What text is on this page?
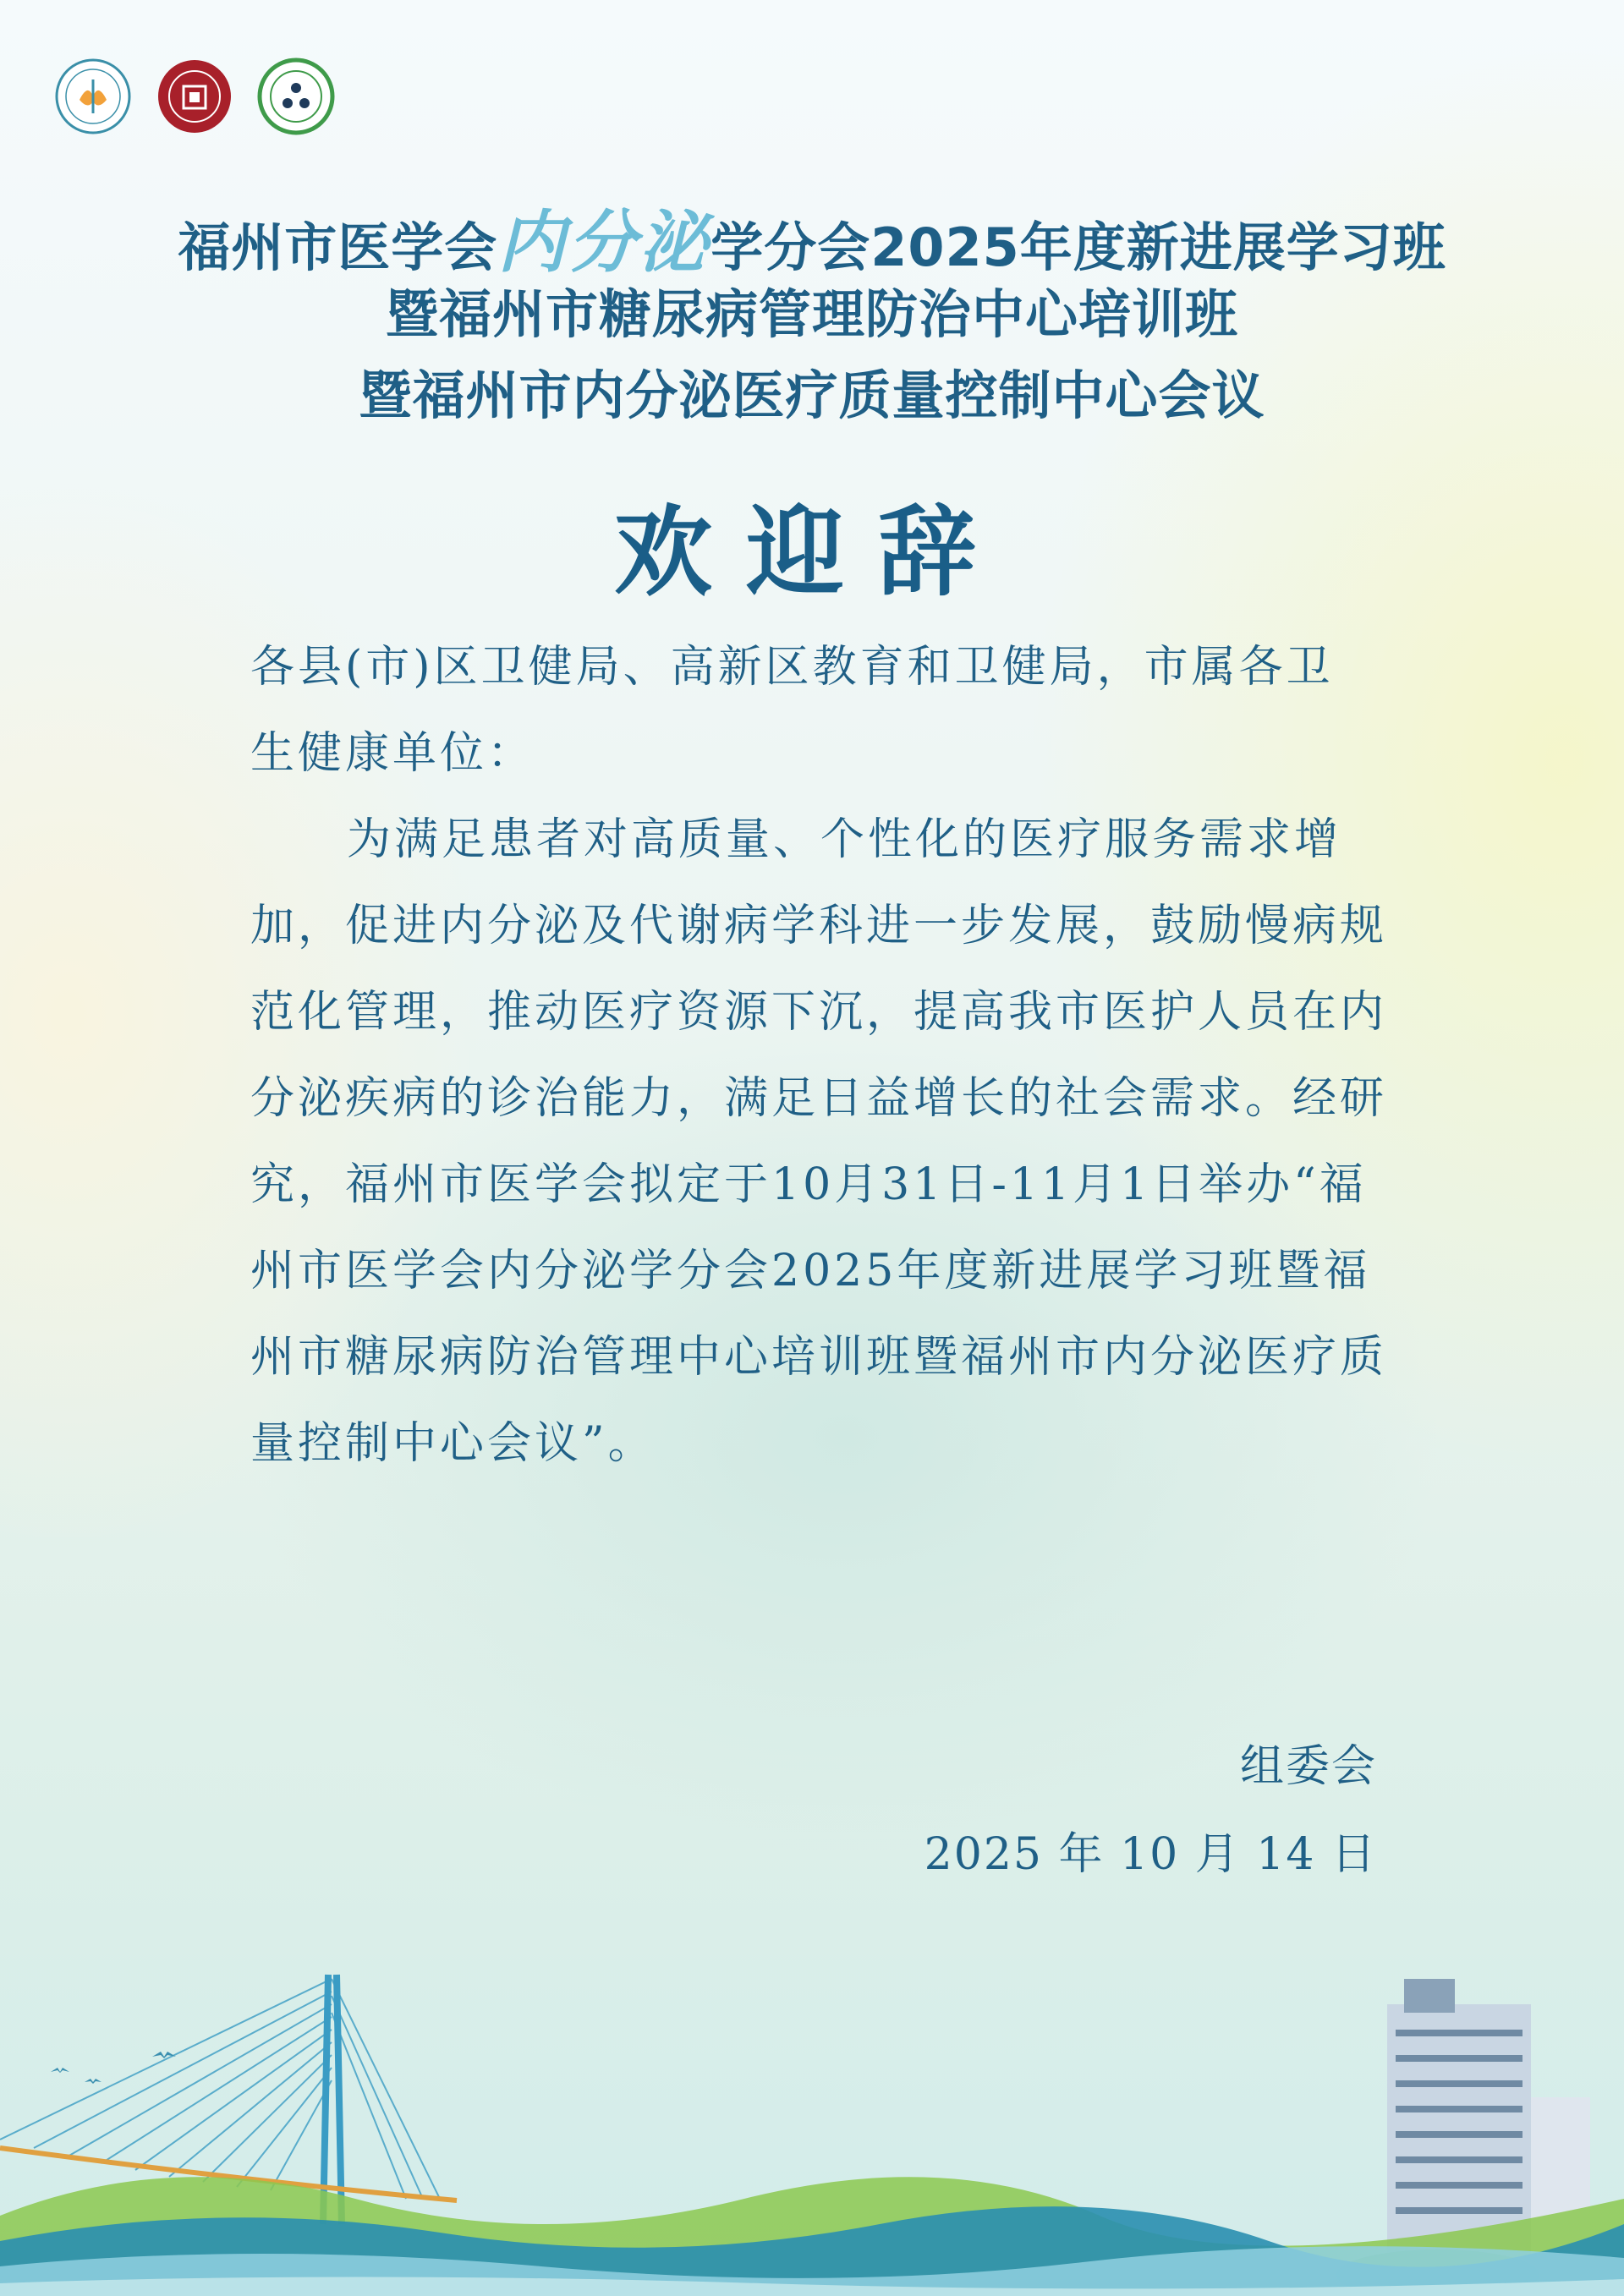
福州市医学会内分泌学分会2025年度新进展学习班
暨福州市糖尿病管理防治中心培训班
暨福州市内分泌医疗质量控制中心会议
欢迎辞

各县(市)区卫健局、高新区教育和卫健局，市属各卫生健康单位：

为满足患者对高质量、个性化的医疗服务需求增加，促进内分泌及代谢病学科进一步发展，鼓励慢病规范化管理，推动医疗资源下沉，提高我市医护人员在内分泌疾病的诊治能力，满足日益增长的社会需求。经研究，福州市医学会拟定于10月31日-11月1日举办“福州市医学会内分泌学分会2025年度新进展学习班暨福州市糖尿病防治管理中心培训班暨福州市内分泌医疗质量控制中心会议”。

组委会
2025 年 10 月 14 日
